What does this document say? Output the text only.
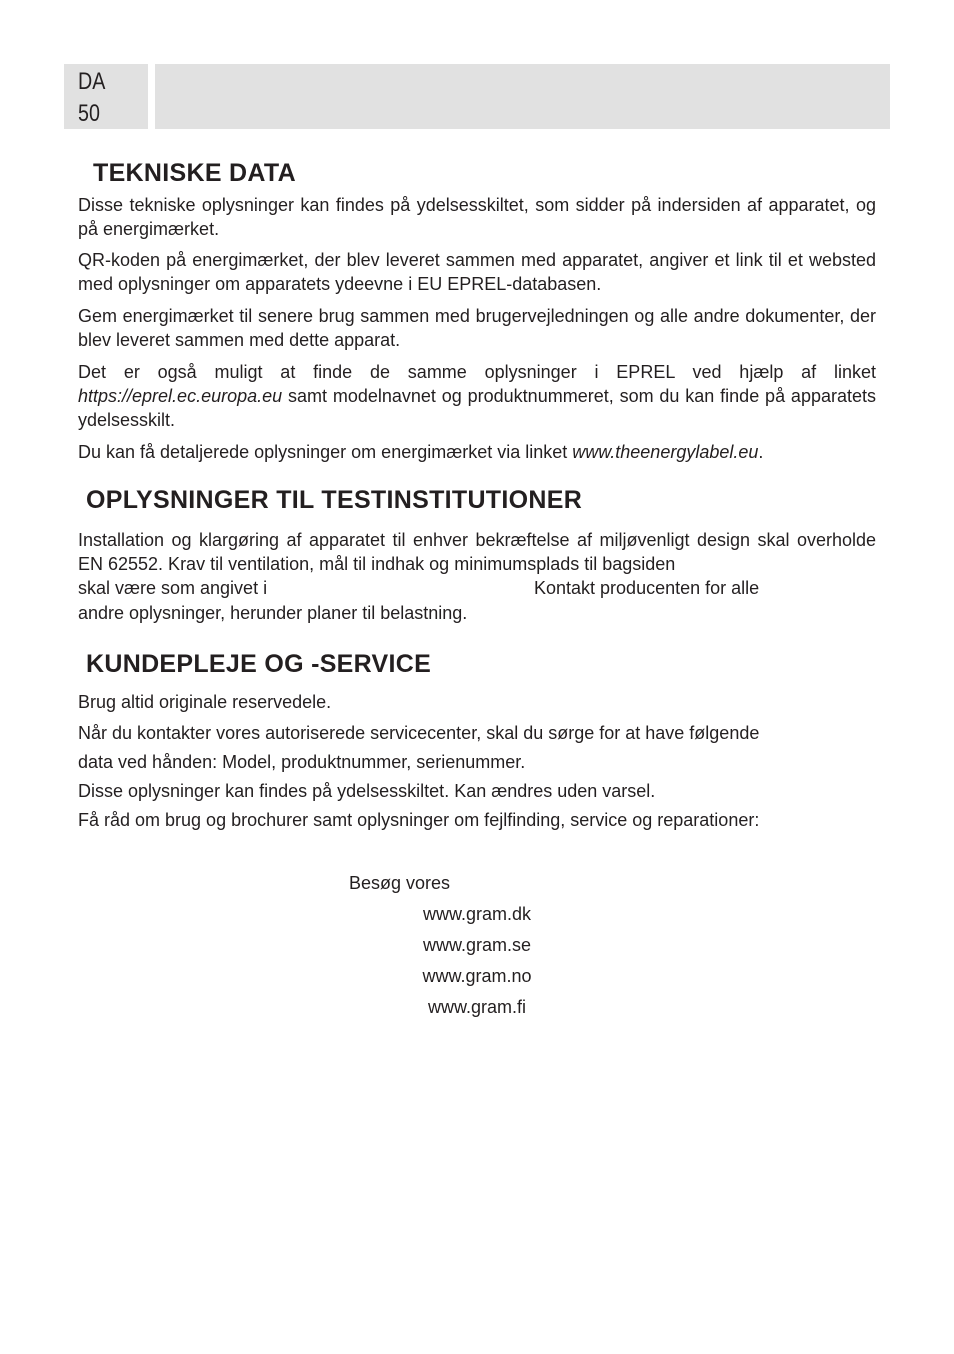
DA
50
TEKNISKE DATA

Disse tekniske oplysninger kan findes på ydelsesskiltet, som sidder på indersiden af apparatet, og på energimærket.

QR-koden på energimærket, der blev leveret sammen med apparatet, angiver et link til et websted med oplysninger om apparatets ydeevne i EU EPREL-databasen.

Gem energimærket til senere brug sammen med brugervejledningen og alle andre dokumenter, der blev leveret sammen med dette apparat.

Det er også muligt at finde de samme oplysninger i EPREL ved hjælp af linket https://eprel.ec.europa.eu samt modelnavnet og produktnummeret, som du kan finde på apparatets ydelsesskilt.

Du kan få detaljerede oplysninger om energimærket via linket www.theenergylabel.eu.

OPLYSNINGER TIL TESTINSTITUTIONER

Installation og klargøring af apparatet til enhver bekræftelse af miljøvenligt design skal overholde EN 62552. Krav til ventilation, mål til indhak og minimumsplads til bagsiden

skal være som angivet i	Kontakt producenten for alle
andre oplysninger, herunder planer til belastning.
KUNDEPLEJE OG -SERVICE
Brug altid originale reservedele.
Når du kontakter vores autoriserede servicecenter, skal du sørge for at have følgende
data ved hånden: Model, produktnummer, serienummer.
Disse oplysninger kan findes på ydelsesskiltet. Kan ændres uden varsel.
Få råd om brug og brochurer samt oplysninger om fejlfinding, service og reparationer:
Besøg vores
www.gram.dk
www.gram.se
www.gram.no
www.gram.fi
